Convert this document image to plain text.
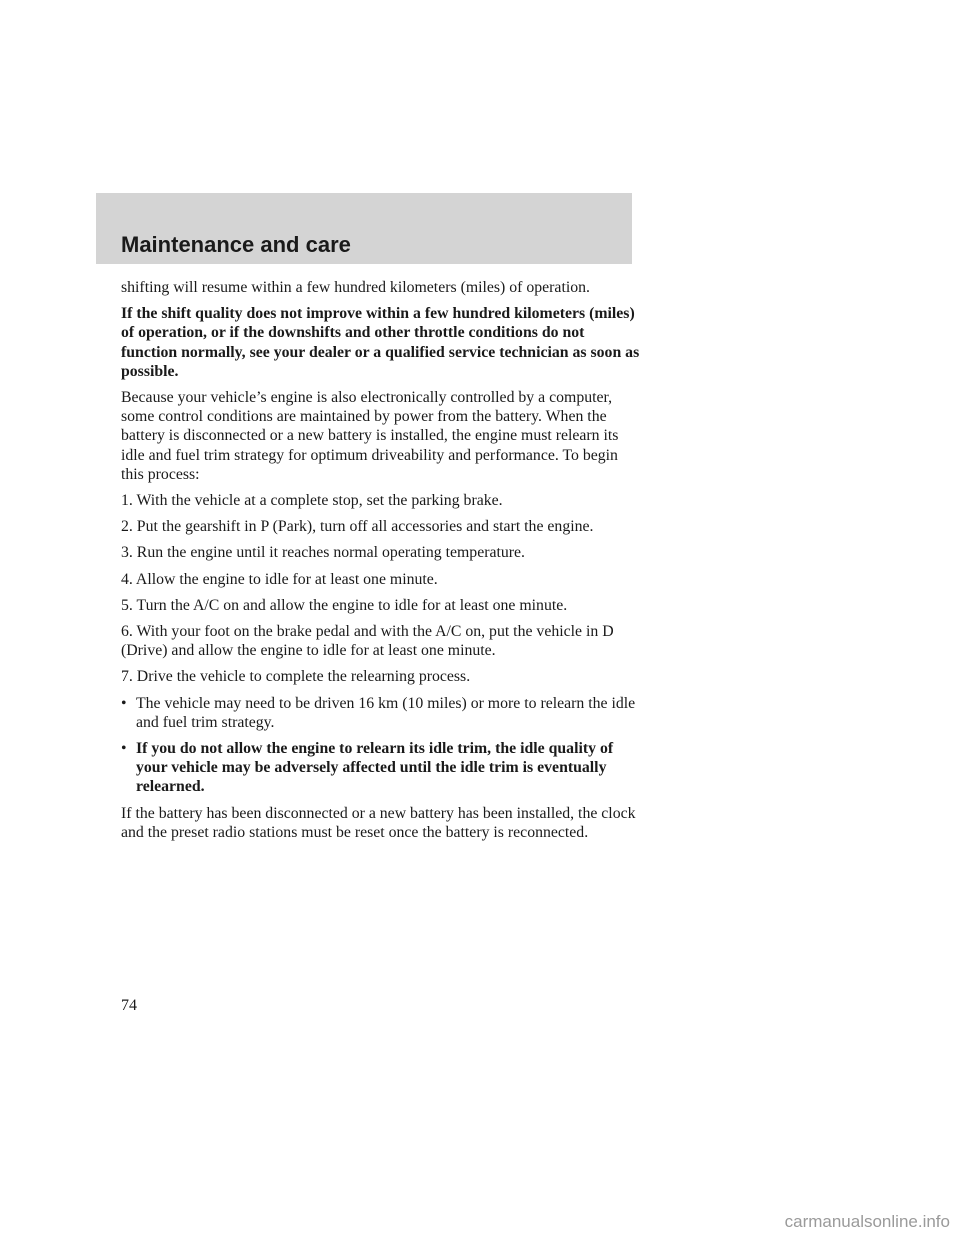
Maintenance and care

shifting will resume within a few hundred kilometers (miles) of operation.

If the shift quality does not improve within a few hundred kilometers (miles) of operation, or if the downshifts and other throttle conditions do not function normally, see your dealer or a qualified service technician as soon as possible.

Because your vehicle’s engine is also electronically controlled by a computer, some control conditions are maintained by power from the battery. When the battery is disconnected or a new battery is installed, the engine must relearn its idle and fuel trim strategy for optimum driveability and performance. To begin this process:

1. With the vehicle at a complete stop, set the parking brake.

2. Put the gearshift in P (Park), turn off all accessories and start the engine.

3. Run the engine until it reaches normal operating temperature.

4. Allow the engine to idle for at least one minute.

5. Turn the A/C on and allow the engine to idle for at least one minute.

6. With your foot on the brake pedal and with the A/C on, put the vehicle in D (Drive) and allow the engine to idle for at least one minute.

7. Drive the vehicle to complete the relearning process.

• The vehicle may need to be driven 16 km (10 miles) or more to relearn the idle and fuel trim strategy.
• If you do not allow the engine to relearn its idle trim, the idle quality of your vehicle may be adversely affected until the idle trim is eventually relearned.

If the battery has been disconnected or a new battery has been installed, the clock and the preset radio stations must be reset once the battery is reconnected.

74

carmanualsonline.info
